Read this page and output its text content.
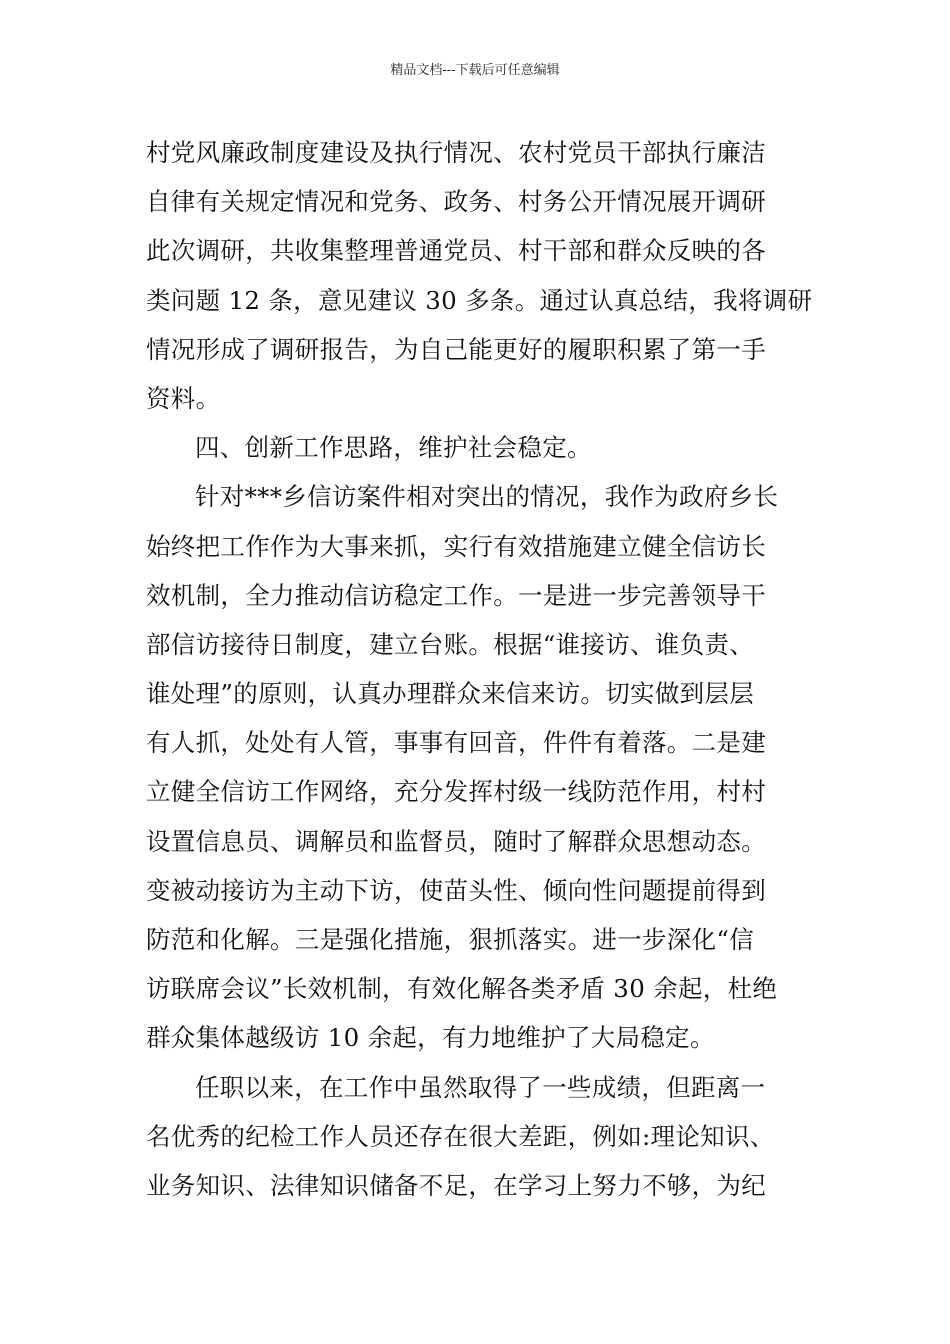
精品文档---下载后可任意编辑
村党风廉政制度建设及执行情况、农村党员干部执行廉洁
自律有关规定情况和党务、政务、村务公开情况展开调研
此次调研，共收集整理普通党员、村干部和群众反映的各
类问题 12 条，意见建议 30 多条。通过认真总结，我将调研
情况形成了调研报告，为自己能更好的履职积累了第一手
资料。
四、创新工作思路，维护社会稳定。
针对***乡信访案件相对突出的情况，我作为政府乡长
始终把工作作为大事来抓，实行有效措施建立健全信访长
效机制，全力推动信访稳定工作。一是进一步完善领导干
部信访接待日制度，建立台账。根据“谁接访、谁负责、
谁处理”的原则，认真办理群众来信来访。切实做到层层
有人抓，处处有人管，事事有回音，件件有着落。二是建
立健全信访工作网络，充分发挥村级一线防范作用，村村
设置信息员、调解员和监督员，随时了解群众思想动态。
变被动接访为主动下访，使苗头性、倾向性问题提前得到
防范和化解。三是强化措施，狠抓落实。进一步深化“信
访联席会议”长效机制，有效化解各类矛盾 30 余起，杜绝
群众集体越级访 10 余起，有力地维护了大局稳定。
任职以来，在工作中虽然取得了一些成绩，但距离一
名优秀的纪检工作人员还存在很大差距，例如:理论知识、
业务知识、法律知识储备不足，在学习上努力不够，为纪
